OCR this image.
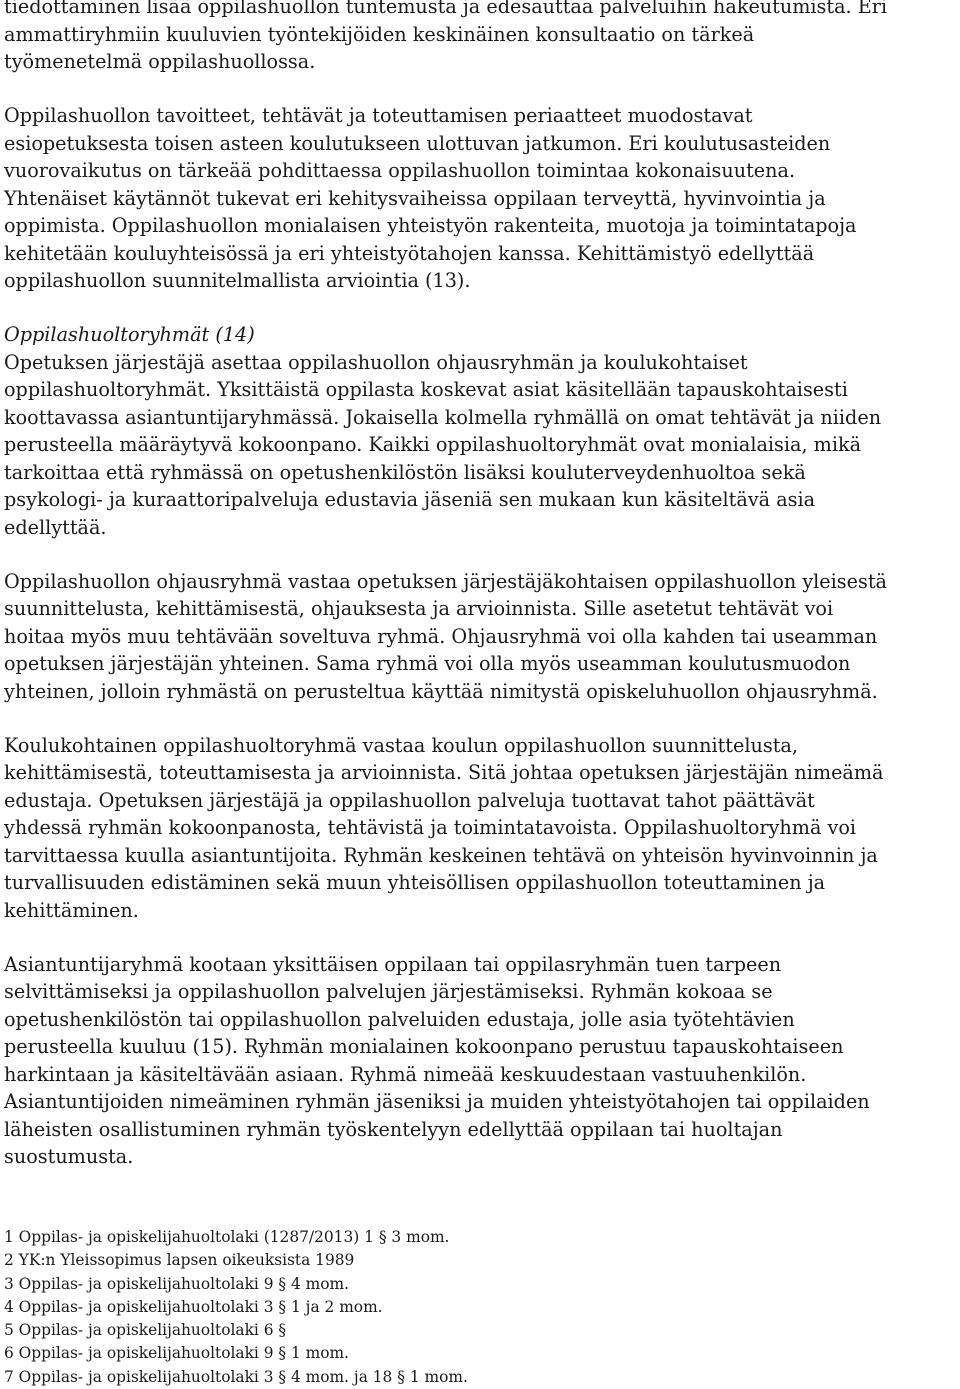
tiedottaminen lisää oppilashuollon tuntemusta ja edesauttaa palveluihin hakeutumista. Eri
ammattiryhmiin kuuluvien työntekijöiden keskinäinen konsultaatio on tärkeä
työmenetelmä oppilashuollossa.
Oppilashuollon tavoitteet, tehtävät ja toteuttamisen periaatteet muodostavat
esiopetuksesta toisen asteen koulutukseen ulottuvan jatkumon. Eri koulutusasteiden
vuorovaikutus on tärkeää pohdittaessa oppilashuollon toimintaa kokonaisuutena.
Yhtenäiset käytännöt tukevat eri kehitysvaiheissa oppilaan terveyttä, hyvinvointia ja
oppimista. Oppilashuollon monialaisen yhteistyön rakenteita, muotoja ja toimintatapoja
kehitetään kouluyhteisössä ja eri yhteistyötahojen kanssa. Kehittämistyö edellyttää
oppilashuollon suunnitelmallista arviointia (13).
Oppilashuoltoryhmät (14)
Opetuksen järjestäjä asettaa oppilashuollon ohjausryhmän ja koulukohtaiset
oppilashuoltoryhmät. Yksittäistä oppilasta koskevat asiat käsitellään tapauskohtaisesti
koottavassa asiantuntijaryhmässä. Jokaisella kolmella ryhmällä on omat tehtävät ja niiden
perusteella määräytyvä kokoonpano. Kaikki oppilashuoltoryhmät ovat monialaisia, mikä
tarkoittaa että ryhmässä on opetushenkilöstön lisäksi kouluterveydenhuoltoa sekä
psykologi- ja kuraattoripalveluja edustavia jäseniä sen mukaan kun käsiteltävä asia
edellyttää.
Oppilashuollon ohjausryhmä vastaa opetuksen järjestäjäkohtaisen oppilashuollon yleisestä
suunnittelusta, kehittämisestä, ohjauksesta ja arvioinnista. Sille asetetut tehtävät voi
hoitaa myös muu tehtävään soveltuva ryhmä. Ohjausryhmä voi olla kahden tai useamman
opetuksen järjestäjän yhteinen. Sama ryhmä voi olla myös useamman koulutusmuodon
yhteinen, jolloin ryhmästä on perusteltua käyttää nimitystä opiskeluhuollon ohjausryhmä.
Koulukohtainen oppilashuoltoryhmä vastaa koulun oppilashuollon suunnittelusta,
kehittämisestä, toteuttamisesta ja arvioinnista. Sitä johtaa opetuksen järjestäjän nimeämä
edustaja. Opetuksen järjestäjä ja oppilashuollon palveluja tuottavat tahot päättävät
yhdessä ryhmän kokoonpanosta, tehtävistä ja toimintatavoista. Oppilashuoltoryhmä voi
tarvittaessa kuulla asiantuntijoita. Ryhmän keskeinen tehtävä on yhteisön hyvinvoinnin ja
turvallisuuden edistäminen sekä muun yhteisöllisen oppilashuollon toteuttaminen ja
kehittäminen.
Asiantuntijaryhmä kootaan yksittäisen oppilaan tai oppilasryhmän tuen tarpeen
selvittämiseksi ja oppilashuollon palvelujen järjestämiseksi. Ryhmän kokoaa se
opetushenkilöstön tai oppilashuollon palveluiden edustaja, jolle asia työtehtävien
perusteella kuuluu (15). Ryhmän monialainen kokoonpano perustuu tapauskohtaiseen
harkintaan ja käsiteltävään asiaan. Ryhmä nimeää keskuudestaan vastuuhenkilön.
Asiantuntijoiden nimeäminen ryhmän jäseniksi ja muiden yhteistyötahojen tai oppilaiden
läheisten osallistuminen ryhmän työskentelyyn edellyttää oppilaan tai huoltajan
suostumusta.
1 Oppilas- ja opiskelijahuoltolaki (1287/2013) 1 § 3 mom.
2 YK:n Yleissopimus lapsen oikeuksista 1989
3 Oppilas- ja opiskelijahuoltolaki 9 § 4 mom.
4 Oppilas- ja opiskelijahuoltolaki 3 § 1 ja 2 mom.
5 Oppilas- ja opiskelijahuoltolaki 6 §
6 Oppilas- ja opiskelijahuoltolaki 9 § 1 mom.
7 Oppilas- ja opiskelijahuoltolaki 3 § 4 mom. ja 18 § 1 mom.
